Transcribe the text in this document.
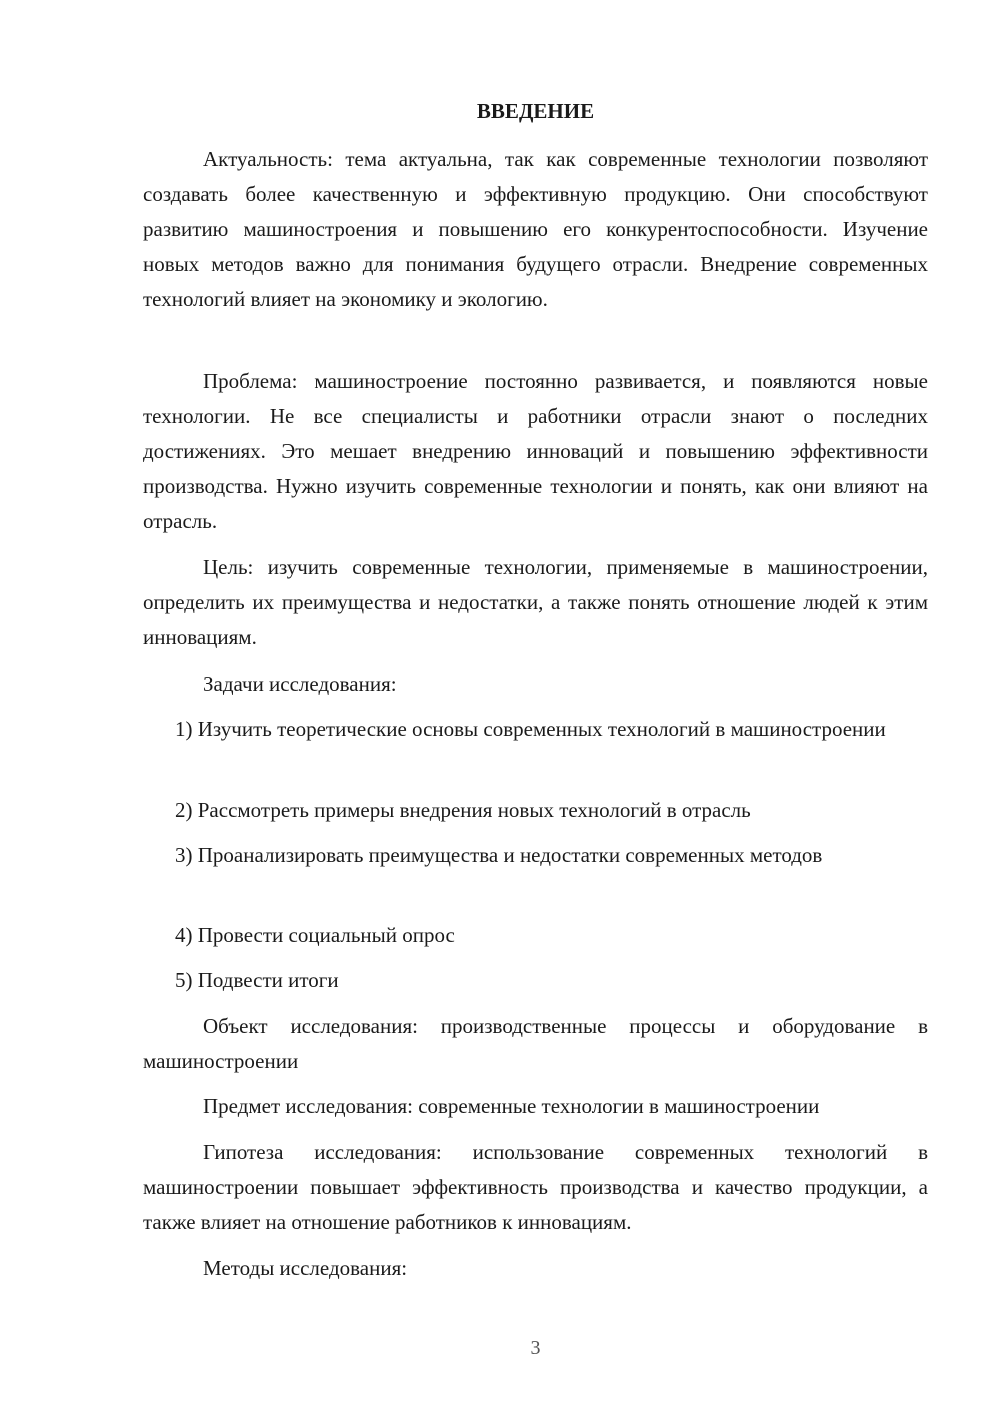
ВВЕДЕНИЕ

Актуальность: тема актуальна, так как современные технологии позволяют создавать более качественную и эффективную продукцию. Они способствуют развитию машиностроения и повышению его конкурентоспособности. Изучение новых методов важно для понимания будущего отрасли. Внедрение современных технологий влияет на экономику и экологию.

Проблема: машиностроение постоянно развивается, и появляются новые технологии. Не все специалисты и работники отрасли знают о последних достижениях. Это мешает внедрению инноваций и повышению эффективности производства. Нужно изучить современные технологии и понять, как они влияют на отрасль.

Цель: изучить современные технологии, применяемые в машиностроении, определить их преимущества и недостатки, а также понять отношение людей к этим инновациям.

Задачи исследования:

1) Изучить теоретические основы современных технологий в машиностроении

2) Рассмотреть примеры внедрения новых технологий в отрасль

3) Проанализировать преимущества и недостатки современных методов

4) Провести социальный опрос

5) Подвести итоги

Объект исследования: производственные процессы и оборудование в машиностроении

Предмет исследования: современные технологии в машиностроении

Гипотеза исследования: использование современных технологий в машиностроении повышает эффективность производства и качество продукции, а также влияет на отношение работников к инновациям.

Методы исследования:

3
